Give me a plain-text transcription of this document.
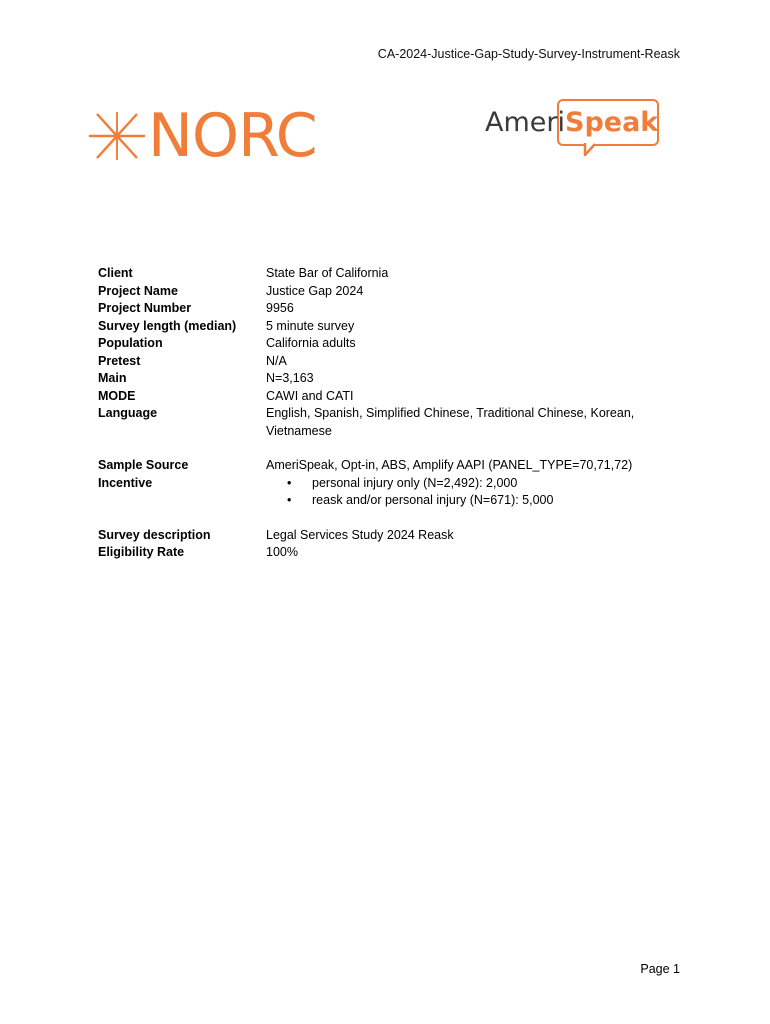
CA-2024-Justice-Gap-Study-Survey-Instrument-Reask
NORC	AmeriSpeak
Client	State Bar of California
Project Name	Justice Gap 2024
Project Number	9956
Survey length (median)	5 minute survey
Population	California adults
Pretest	N/A
Main	N=3,163
MODE	CAWI and CATI
Language	English, Spanish, Simplified Chinese, Traditional Chinese, Korean, Vietnamese
Sample Source	AmeriSpeak, Opt-in, ABS, Amplify AAPI (PANEL_TYPE=70,71,72)
Incentive
•	personal injury only (N=2,492): 2,000
• reask and/or personal injury (N=671): 5,000
Survey description	Legal Services Study 2024 Reask
Eligibility Rate	100%
Page 1
